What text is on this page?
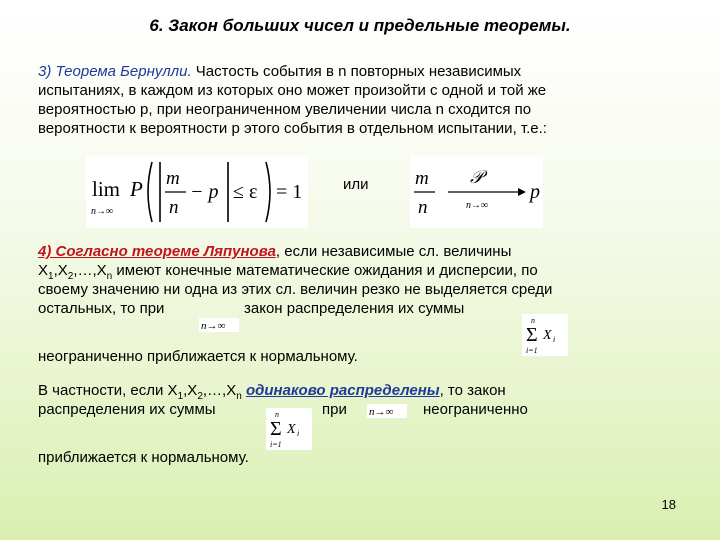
6. Закон больших чисел и предельные теоремы.
3) Теорема Бернулли. Частость события в n повторных независимых
испытаниях, в каждом из которых оно может произойти с одной и той же
вероятностью p, при неограниченном увеличении числа n сходится по
вероятности к вероятности p этого события в отдельном испытании, т.е.:
lim
n→∞
P m
n
− p ≤ ε = 1	или m
n
𝒫
n→∞
p
4) Согласно теореме Ляпунова, если независимые сл. величины
$X_1,X_2,\dots,X_n$ имеют конечные математические ожидания и дисперсии, по
своему значению ни одна из этих сл. величин резко не выделяется среди
остальных, то при
n→∞
закон распределения их суммы
n
Σ X i
i=1
неограниченно приближается к нормальному.
В частности, если $X_1,X_2,\dots,X_n$ одинаково распределены, то закон
распределения их суммы	n
Σ X i
i=1
при n→∞ неограниченно
приближается к нормальному.
18
